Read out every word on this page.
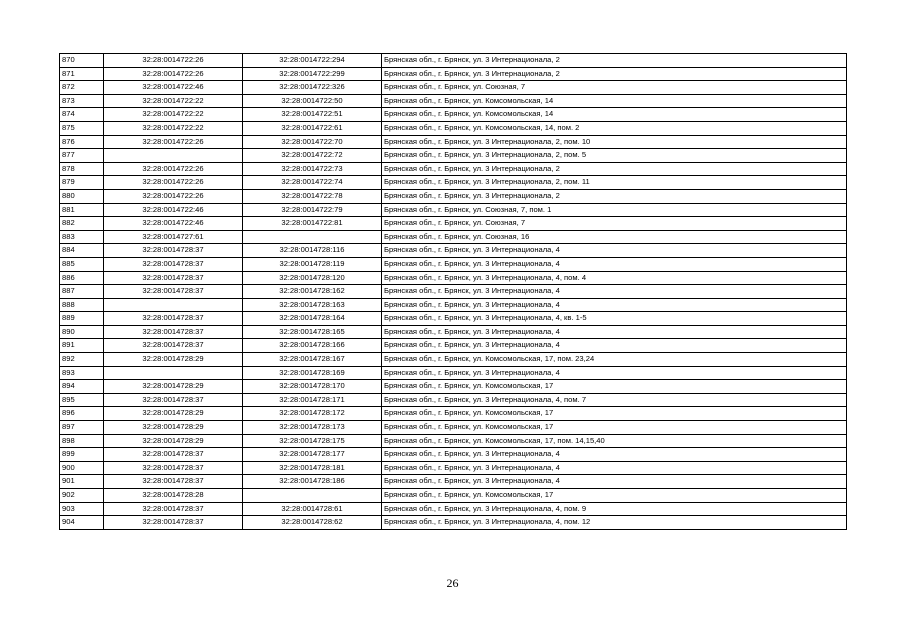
870	32:28:0014722:26	32:28:0014722:294	Брянская обл., г. Брянск, ул. 3 Интернационала, 2
871	32:28:0014722:26	32:28:0014722:299	Брянская обл., г. Брянск, ул. 3 Интернационала, 2
872	32:28:0014722:46	32:28:0014722:326	Брянская обл., г. Брянск, ул. Союзная, 7
873	32:28:0014722:22	32:28:0014722:50	Брянская обл., г. Брянск, ул. Комсомольская, 14
874	32:28:0014722:22	32:28:0014722:51	Брянская обл., г. Брянск, ул. Комсомольская, 14
875	32:28:0014722:22	32:28:0014722:61	Брянская обл., г. Брянск, ул. Комсомольская, 14, пом. 2
876	32:28:0014722:26	32:28:0014722:70	Брянская обл., г. Брянск, ул. 3 Интернационала, 2, пом. 10
877		32:28:0014722:72	Брянская обл., г. Брянск, ул. 3 Интернационала, 2, пом. 5
878	32:28:0014722:26	32:28:0014722:73	Брянская обл., г. Брянск, ул. 3 Интернационала, 2
879	32:28:0014722:26	32:28:0014722:74	Брянская обл., г. Брянск, ул. 3 Интернационала, 2, пом. 11
880	32:28:0014722:26	32:28:0014722:78	Брянская обл., г. Брянск, ул. 3 Интернационала, 2
881	32:28:0014722:46	32:28:0014722:79	Брянская обл., г. Брянск, ул. Союзная, 7, пом. 1
882	32:28:0014722:46	32:28:0014722:81	Брянская обл., г. Брянск, ул. Союзная, 7
883	32:28:0014727:61		Брянская обл., г. Брянск, ул. Союзная, 16
884	32:28:0014728:37	32:28:0014728:116	Брянская обл., г. Брянск, ул. 3 Интернационала, 4
885	32:28:0014728:37	32:28:0014728:119	Брянская обл., г. Брянск, ул. 3 Интернационала, 4
886	32:28:0014728:37	32:28:0014728:120	Брянская обл., г. Брянск, ул. 3 Интернационала, 4, пом. 4
887	32:28:0014728:37	32:28:0014728:162	Брянская обл., г. Брянск, ул. 3 Интернационала, 4
888		32:28:0014728:163	Брянская обл., г. Брянск, ул. 3 Интернационала, 4
889	32:28:0014728:37	32:28:0014728:164	Брянская обл., г. Брянск, ул. 3 Интернационала, 4, кв. 1-5
890	32:28:0014728:37	32:28:0014728:165	Брянская обл., г. Брянск, ул. 3 Интернационала, 4
891	32:28:0014728:37	32:28:0014728:166	Брянская обл., г. Брянск, ул. 3 Интернационала, 4
892	32:28:0014728:29	32:28:0014728:167	Брянская обл., г. Брянск, ул. Комсомольская, 17, пом. 23,24
893		32:28:0014728:169	Брянская обл., г. Брянск, ул. 3 Интернационала, 4
894	32:28:0014728:29	32:28:0014728:170	Брянская обл., г. Брянск, ул. Комсомольская, 17
895	32:28:0014728:37	32:28:0014728:171	Брянская обл., г. Брянск, ул. 3 Интернационала, 4, пом. 7
896	32:28:0014728:29	32:28:0014728:172	Брянская обл., г. Брянск, ул. Комсомольская, 17
897	32:28:0014728:29	32:28:0014728:173	Брянская обл., г. Брянск, ул. Комсомольская, 17
898	32:28:0014728:29	32:28:0014728:175	Брянская обл., г. Брянск, ул. Комсомольская, 17, пом. 14,15,40
899	32:28:0014728:37	32:28:0014728:177	Брянская обл., г. Брянск, ул. 3 Интернационала, 4
900	32:28:0014728:37	32:28:0014728:181	Брянская обл., г. Брянск, ул. 3 Интернационала, 4
901	32:28:0014728:37	32:28:0014728:186	Брянская обл., г. Брянск, ул. 3 Интернационала, 4
902	32:28:0014728:28		Брянская обл., г. Брянск, ул. Комсомольская, 17
903	32:28:0014728:37	32:28:0014728:61	Брянская обл., г. Брянск, ул. 3 Интернационала, 4, пом. 9
904	32:28:0014728:37	32:28:0014728:62	Брянская обл., г. Брянск, ул. 3 Интернационала, 4, пом. 12
26
